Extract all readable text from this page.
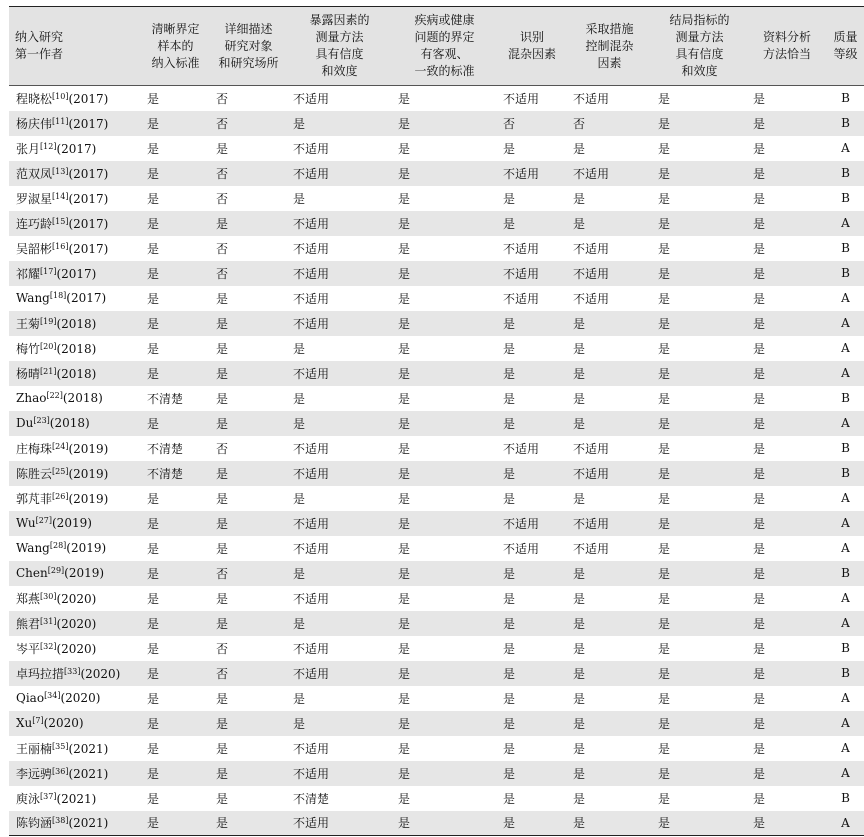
纳入研究
第一作者	清晰界定
样本的
纳入标准	详细描述
研究对象
和研究场所	暴露因素的
测量方法
具有信度
和效度	疾病或健康
问题的界定
有客观、
一致的标准	识别
混杂因素	采取措施
控制混杂
因素	结局指标的
测量方法
具有信度
和效度	资料分析
方法恰当	质量
等级
程晓松[10](2017)	是	否	不适用	是	不适用	不适用	是	是	B
杨庆伟[11](2017)	是	否	是	是	否	否	是	是	B
张月[12](2017)	是	是	不适用	是	是	是	是	是	A
范双凤[13](2017)	是	否	不适用	是	不适用	不适用	是	是	B
罗淑星[14](2017)	是	否	是	是	是	是	是	是	B
连巧龄[15](2017)	是	是	不适用	是	是	是	是	是	A
吴韶彬[16](2017)	是	否	不适用	是	不适用	不适用	是	是	B
祁耀[17](2017)	是	否	不适用	是	不适用	不适用	是	是	B
Wang[18](2017)	是	是	不适用	是	不适用	不适用	是	是	A
王菊[19](2018)	是	是	不适用	是	是	是	是	是	A
梅竹[20](2018)	是	是	是	是	是	是	是	是	A
杨晴[21](2018)	是	是	不适用	是	是	是	是	是	A
Zhao[22](2018)	不清楚	是	是	是	是	是	是	是	B
Du[23](2018)	是	是	是	是	是	是	是	是	A
庄梅珠[24](2019)	不清楚	否	不适用	是	不适用	不适用	是	是	B
陈胜云[25](2019)	不清楚	是	不适用	是	是	不适用	是	是	B
郭芃菲[26](2019)	是	是	是	是	是	是	是	是	A
Wu[27](2019)	是	是	不适用	是	不适用	不适用	是	是	A
Wang[28](2019)	是	是	不适用	是	不适用	不适用	是	是	A
Chen[29](2019)	是	否	是	是	是	是	是	是	B
郑燕[30](2020)	是	是	不适用	是	是	是	是	是	A
熊君[31](2020)	是	是	是	是	是	是	是	是	A
岑平[32](2020)	是	否	不适用	是	是	是	是	是	B
卓玛拉措[33](2020)	是	否	不适用	是	是	是	是	是	B
Qiao[34](2020)	是	是	是	是	是	是	是	是	A
Xu[7](2020)	是	是	是	是	是	是	是	是	A
王丽楠[35](2021)	是	是	不适用	是	是	是	是	是	A
李远骋[36](2021)	是	是	不适用	是	是	是	是	是	A
庾泳[37](2021)	是	是	不清楚	是	是	是	是	是	B
陈钧涵[38](2021)	是	是	不适用	是	是	是	是	是	A
